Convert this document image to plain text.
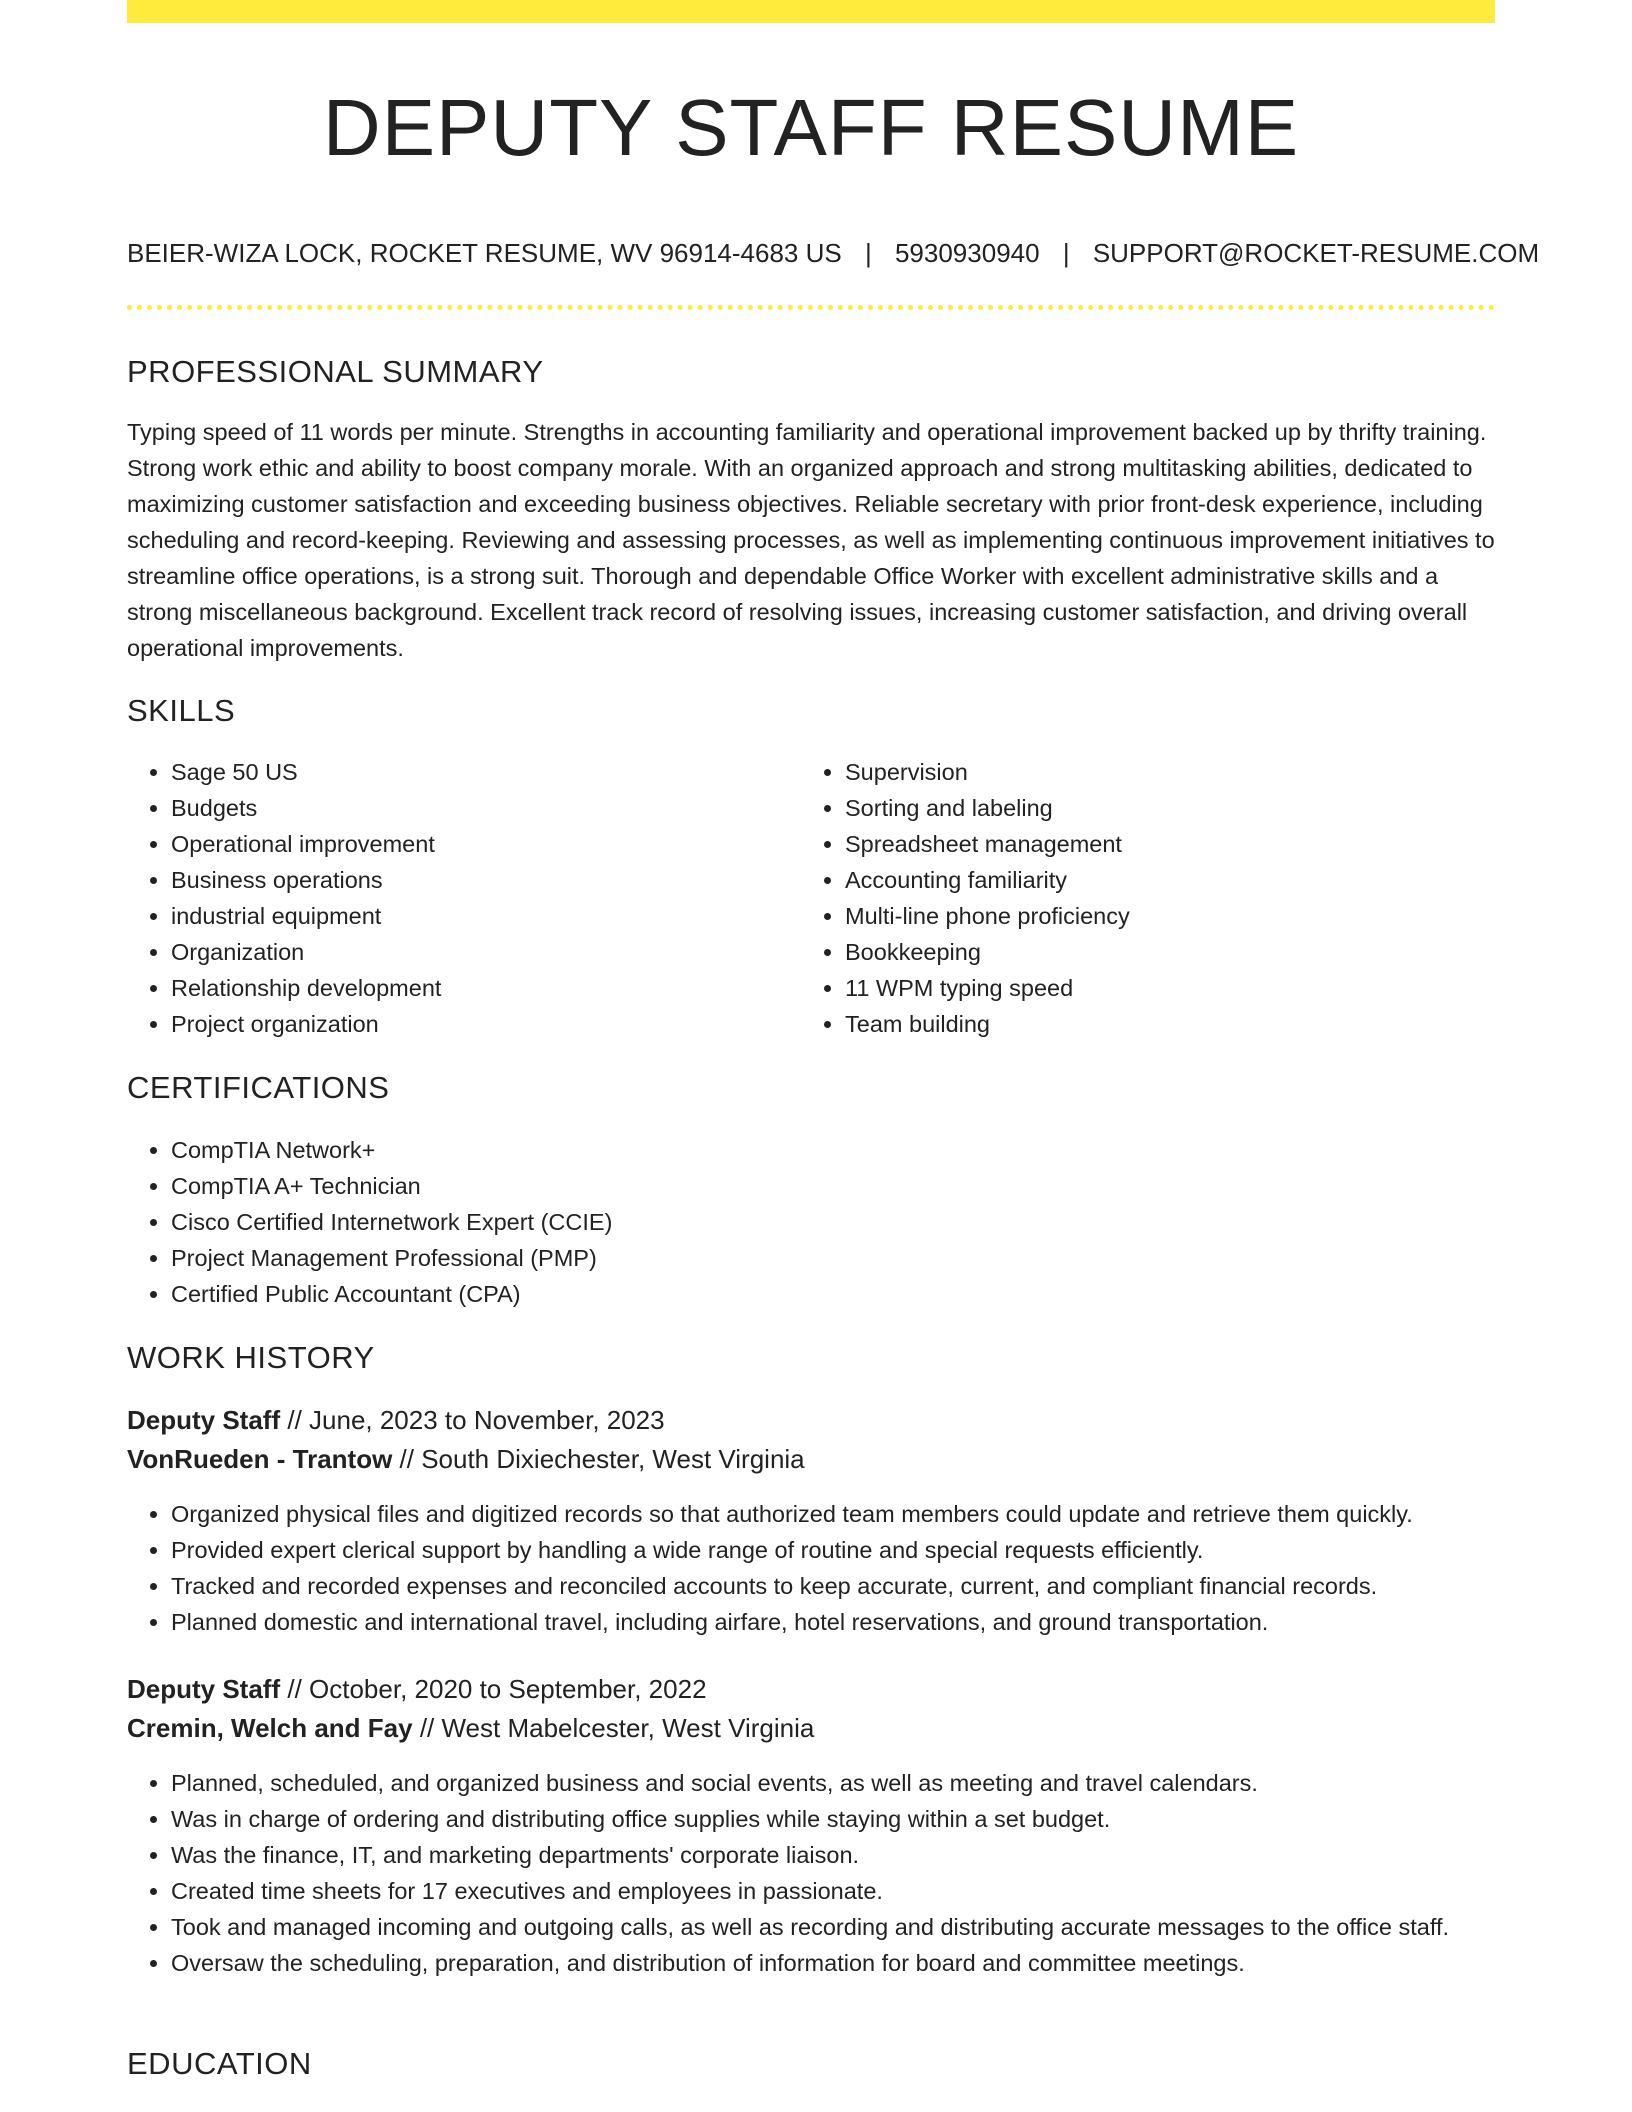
DEPUTY STAFF RESUME
BEIER-WIZA LOCK, ROCKET RESUME, WV 96914-4683 US | 5930930940 | SUPPORT@ROCKET-RESUME.COM
PROFESSIONAL SUMMARY

Typing speed of 11 words per minute. Strengths in accounting familiarity and operational improvement backed up by thrifty training. Strong work ethic and ability to boost company morale. With an organized approach and strong multitasking abilities, dedicated to maximizing customer satisfaction and exceeding business objectives. Reliable secretary with prior front-desk experience, including scheduling and record-keeping. Reviewing and assessing processes, as well as implementing continuous improvement initiatives to streamline office operations, is a strong suit. Thorough and dependable Office Worker with excellent administrative skills and a strong miscellaneous background. Excellent track record of resolving issues, increasing customer satisfaction, and driving overall operational improvements.

SKILLS
• Sage 50 US
• Budgets
• Operational improvement
• Business operations
• industrial equipment
• Organization
• Relationship development
• Project organization
• Supervision
• Sorting and labeling
• Spreadsheet management
• Accounting familiarity
• Multi-line phone proficiency
• Bookkeeping
• 11 WPM typing speed
• Team building
CERTIFICATIONS
• CompTIA Network+
• CompTIA A+ Technician
• Cisco Certified Internetwork Expert (CCIE)
• Project Management Professional (PMP)
• Certified Public Accountant (CPA)
WORK HISTORY
Deputy Staff // June, 2023 to November, 2023
VonRueden - Trantow // South Dixiechester, West Virginia
• Organized physical files and digitized records so that authorized team members could update and retrieve them quickly.
• Provided expert clerical support by handling a wide range of routine and special requests efficiently.
• Tracked and recorded expenses and reconciled accounts to keep accurate, current, and compliant financial records.
• Planned domestic and international travel, including airfare, hotel reservations, and ground transportation.
Deputy Staff // October, 2020 to September, 2022
Cremin, Welch and Fay // West Mabelcester, West Virginia
• Planned, scheduled, and organized business and social events, as well as meeting and travel calendars.
• Was in charge of ordering and distributing office supplies while staying within a set budget.
• Was the finance, IT, and marketing departments' corporate liaison.
• Created time sheets for 17 executives and employees in passionate.
• Took and managed incoming and outgoing calls, as well as recording and distributing accurate messages to the office staff.
• Oversaw the scheduling, preparation, and distribution of information for board and committee meetings.
EDUCATION
